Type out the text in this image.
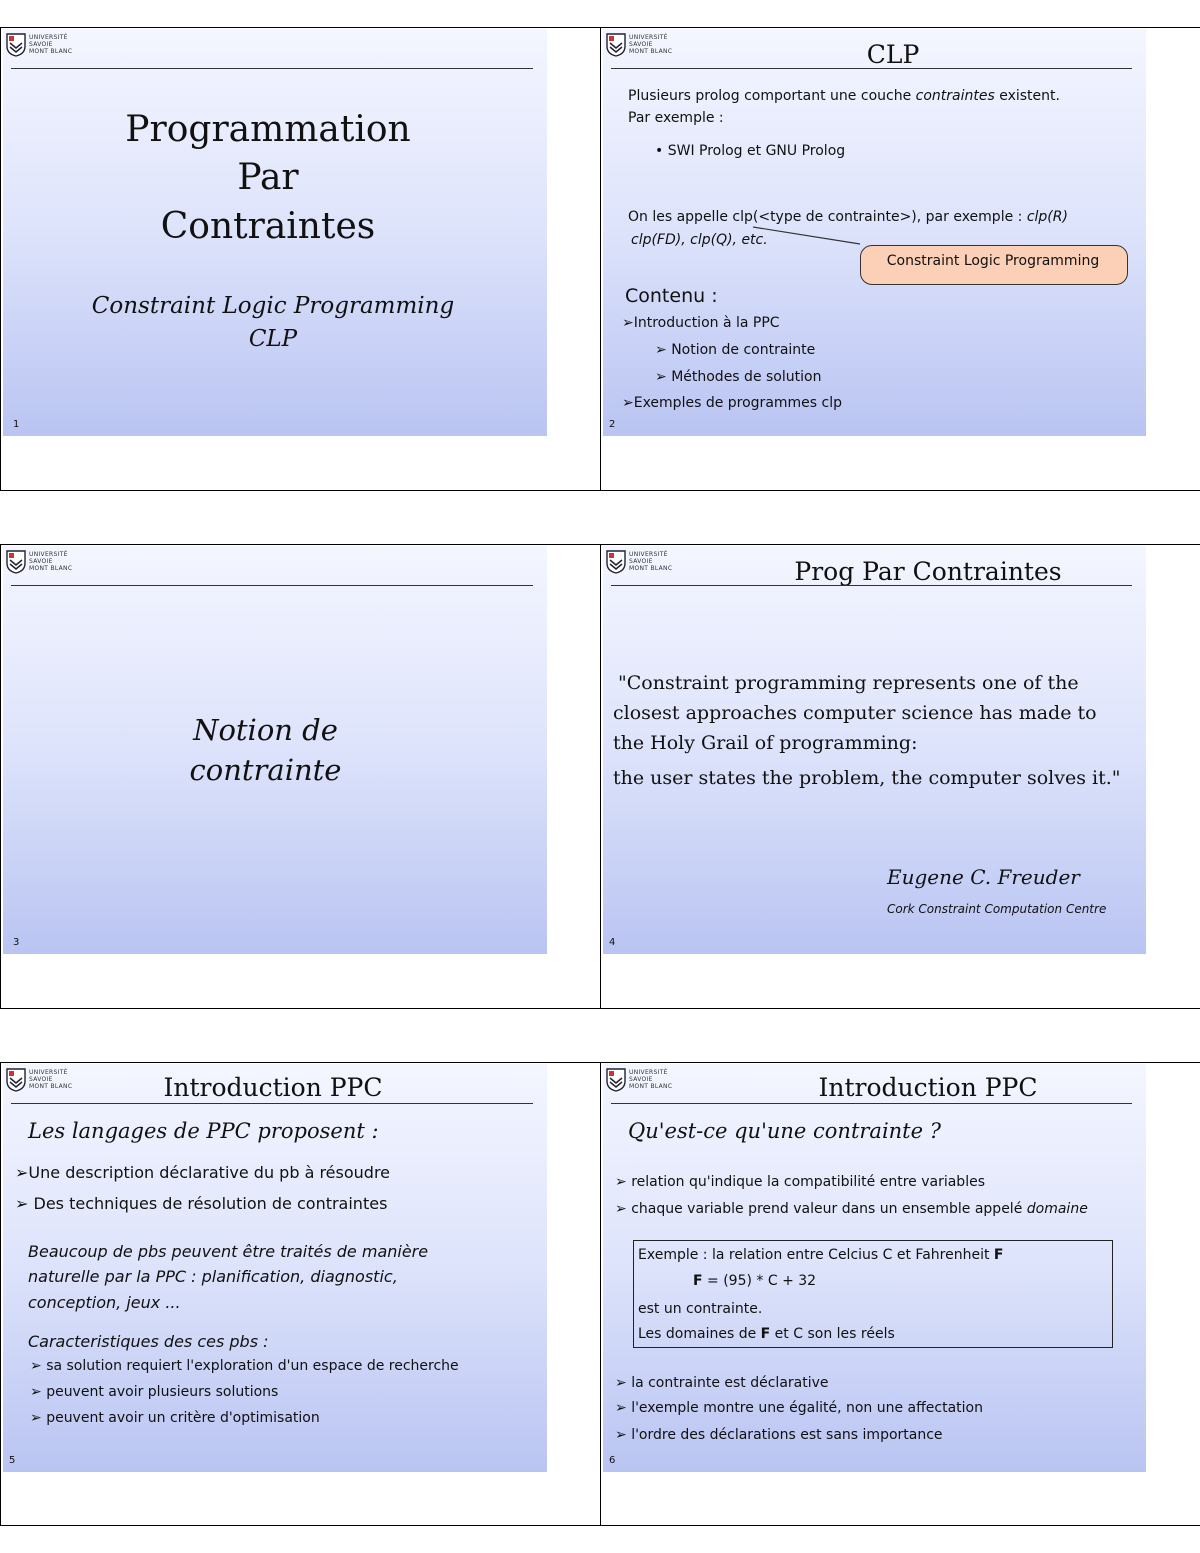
UNIVERSITÉ
SAVOIE
MONT BLANC
Programmation
Par
Contraintes
Constraint Logic Programming
CLP
1
UNIVERSITÉ
SAVOIE
MONT BLANC	CLP
Plusieurs prolog comportant une couche contraintes existent.
Par exemple :
• SWI Prolog et GNU Prolog
On les appelle clp(<type de contrainte>), par exemple : clp(R)
clp(FD), clp(Q), etc.
Constraint Logic Programming
Contenu :
➢Introduction à la PPC
➢ Notion de contrainte
➢ Méthodes de solution
➢Exemples de programmes clp
2
UNIVERSITÉ
SAVOIE
MONT BLANC
Notion de
contrainte
3
UNIVERSITÉ
SAVOIE
MONT BLANC	Prog Par Contraintes
"Constraint programming represents one of the
closest approaches computer science has made to
the Holy Grail of programming:
the user states the problem, the computer solves it."
Eugene C. Freuder
Cork Constraint Computation Centre
4
UNIVERSITÉ
SAVOIE
MONT BLANC	Introduction PPC
Les langages de PPC proposent :
➢Une description déclarative du pb à résoudre
➢ Des techniques de résolution de contraintes
Beaucoup de pbs peuvent être traités de manière
naturelle par la PPC : planification, diagnostic,
conception, jeux ...
Caracteristiques des ces pbs :
➢ sa solution requiert l'exploration d'un espace de recherche
➢ peuvent avoir plusieurs solutions
➢ peuvent avoir un critère d'optimisation
5
UNIVERSITÉ
SAVOIE
MONT BLANC	Introduction PPC
Qu'est-ce qu'une contrainte ?
➢ relation qu'indique la compatibilité entre variables
➢ chaque variable prend valeur dans un ensemble appelé domaine
Exemple : la relation entre Celcius C et Fahrenheit F
F = (95) * C + 32
est un contrainte.
Les domaines de F et C son les réels
➢ la contrainte est déclarative
➢ l'exemple montre une égalité, non une affectation
➢ l'ordre des déclarations est sans importance
6
